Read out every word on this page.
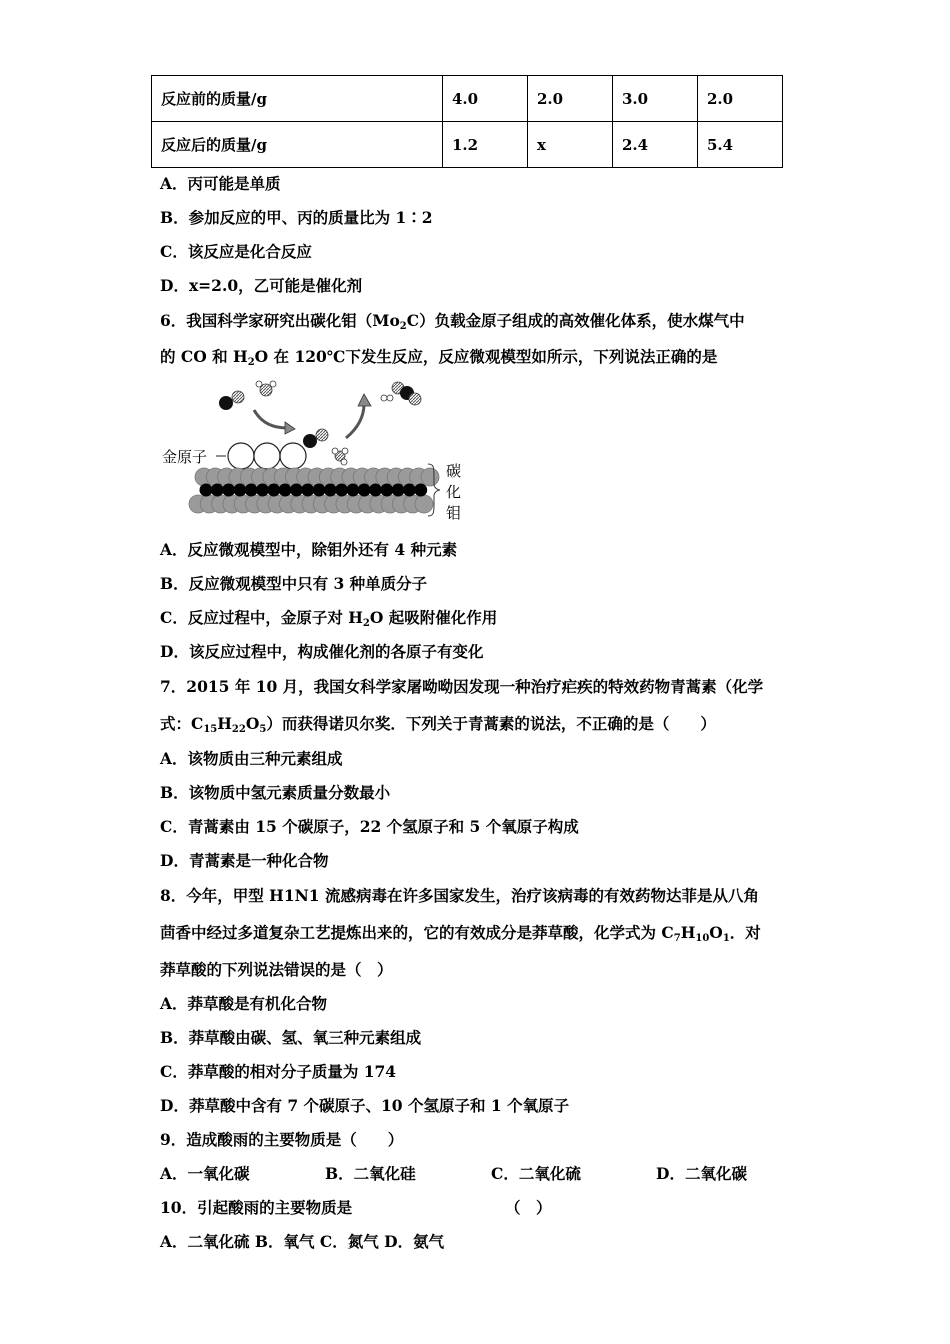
反应前的质量/g	4.0	2.0	3.0	2.0
反应后的质量/g	1.2	x	2.4	5.4
A．丙可能是单质
B．参加反应的甲、丙的质量比为 1∶2
C．该反应是化合反应
D．x=2.0，乙可能是催化剂
6．我国科学家研究出碳化钼$(Mo_2C)$负载金原子组成的高效催化体系，使水煤气中
的 CO 和 $H_2O$ 在 120℃下发生反应，反应微观模型如所示，下列说法正确的是
金原子
碳
化
钼
A．反应微观模型中，除钼外还有 4 种元素
B．反应微观模型中只有 3 种单质分子
C．反应过程中，金原子对 $H_2O$ 起吸附催化作用
D．该反应过程中，构成催化剂的各原子有变化
7．2015 年 10 月，我国女科学家屠呦呦因发现一种治疗疟疾的特效药物青蒿素（化学
式：$C_{15}H_{22}O_5$）而获得诺贝尔奖．下列关于青蒿素的说法，不正确的是（　　）
A．该物质由三种元素组成
B．该物质中氢元素质量分数最小
C．青蒿素由 15 个碳原子，22 个氢原子和 5 个氧原子构成
D．青蒿素是一种化合物
8．今年，甲型 H1N1 流感病毒在许多国家发生，治疗该病毒的有效药物达菲是从八角
茴香中经过多道复杂工艺提炼出来的，它的有效成分是莽草酸，化学式为 $C_7H_{10}O_1$．对
莽草酸的下列说法错误的是（　）
A．莽草酸是有机化合物
B．莽草酸由碳、氢、氧三种元素组成
C．莽草酸的相对分子质量为 174
D．莽草酸中含有 7 个碳原子、10 个氢原子和 1 个氧原子
9．造成酸雨的主要物质是（　　）
A．一氧化碳	B．二氧化硅	C．二氧化硫	D．二氧化碳
10．引起酸雨的主要物质是	（　）
A．二氧化硫 B．氧气 C．氮气 D．氨气
